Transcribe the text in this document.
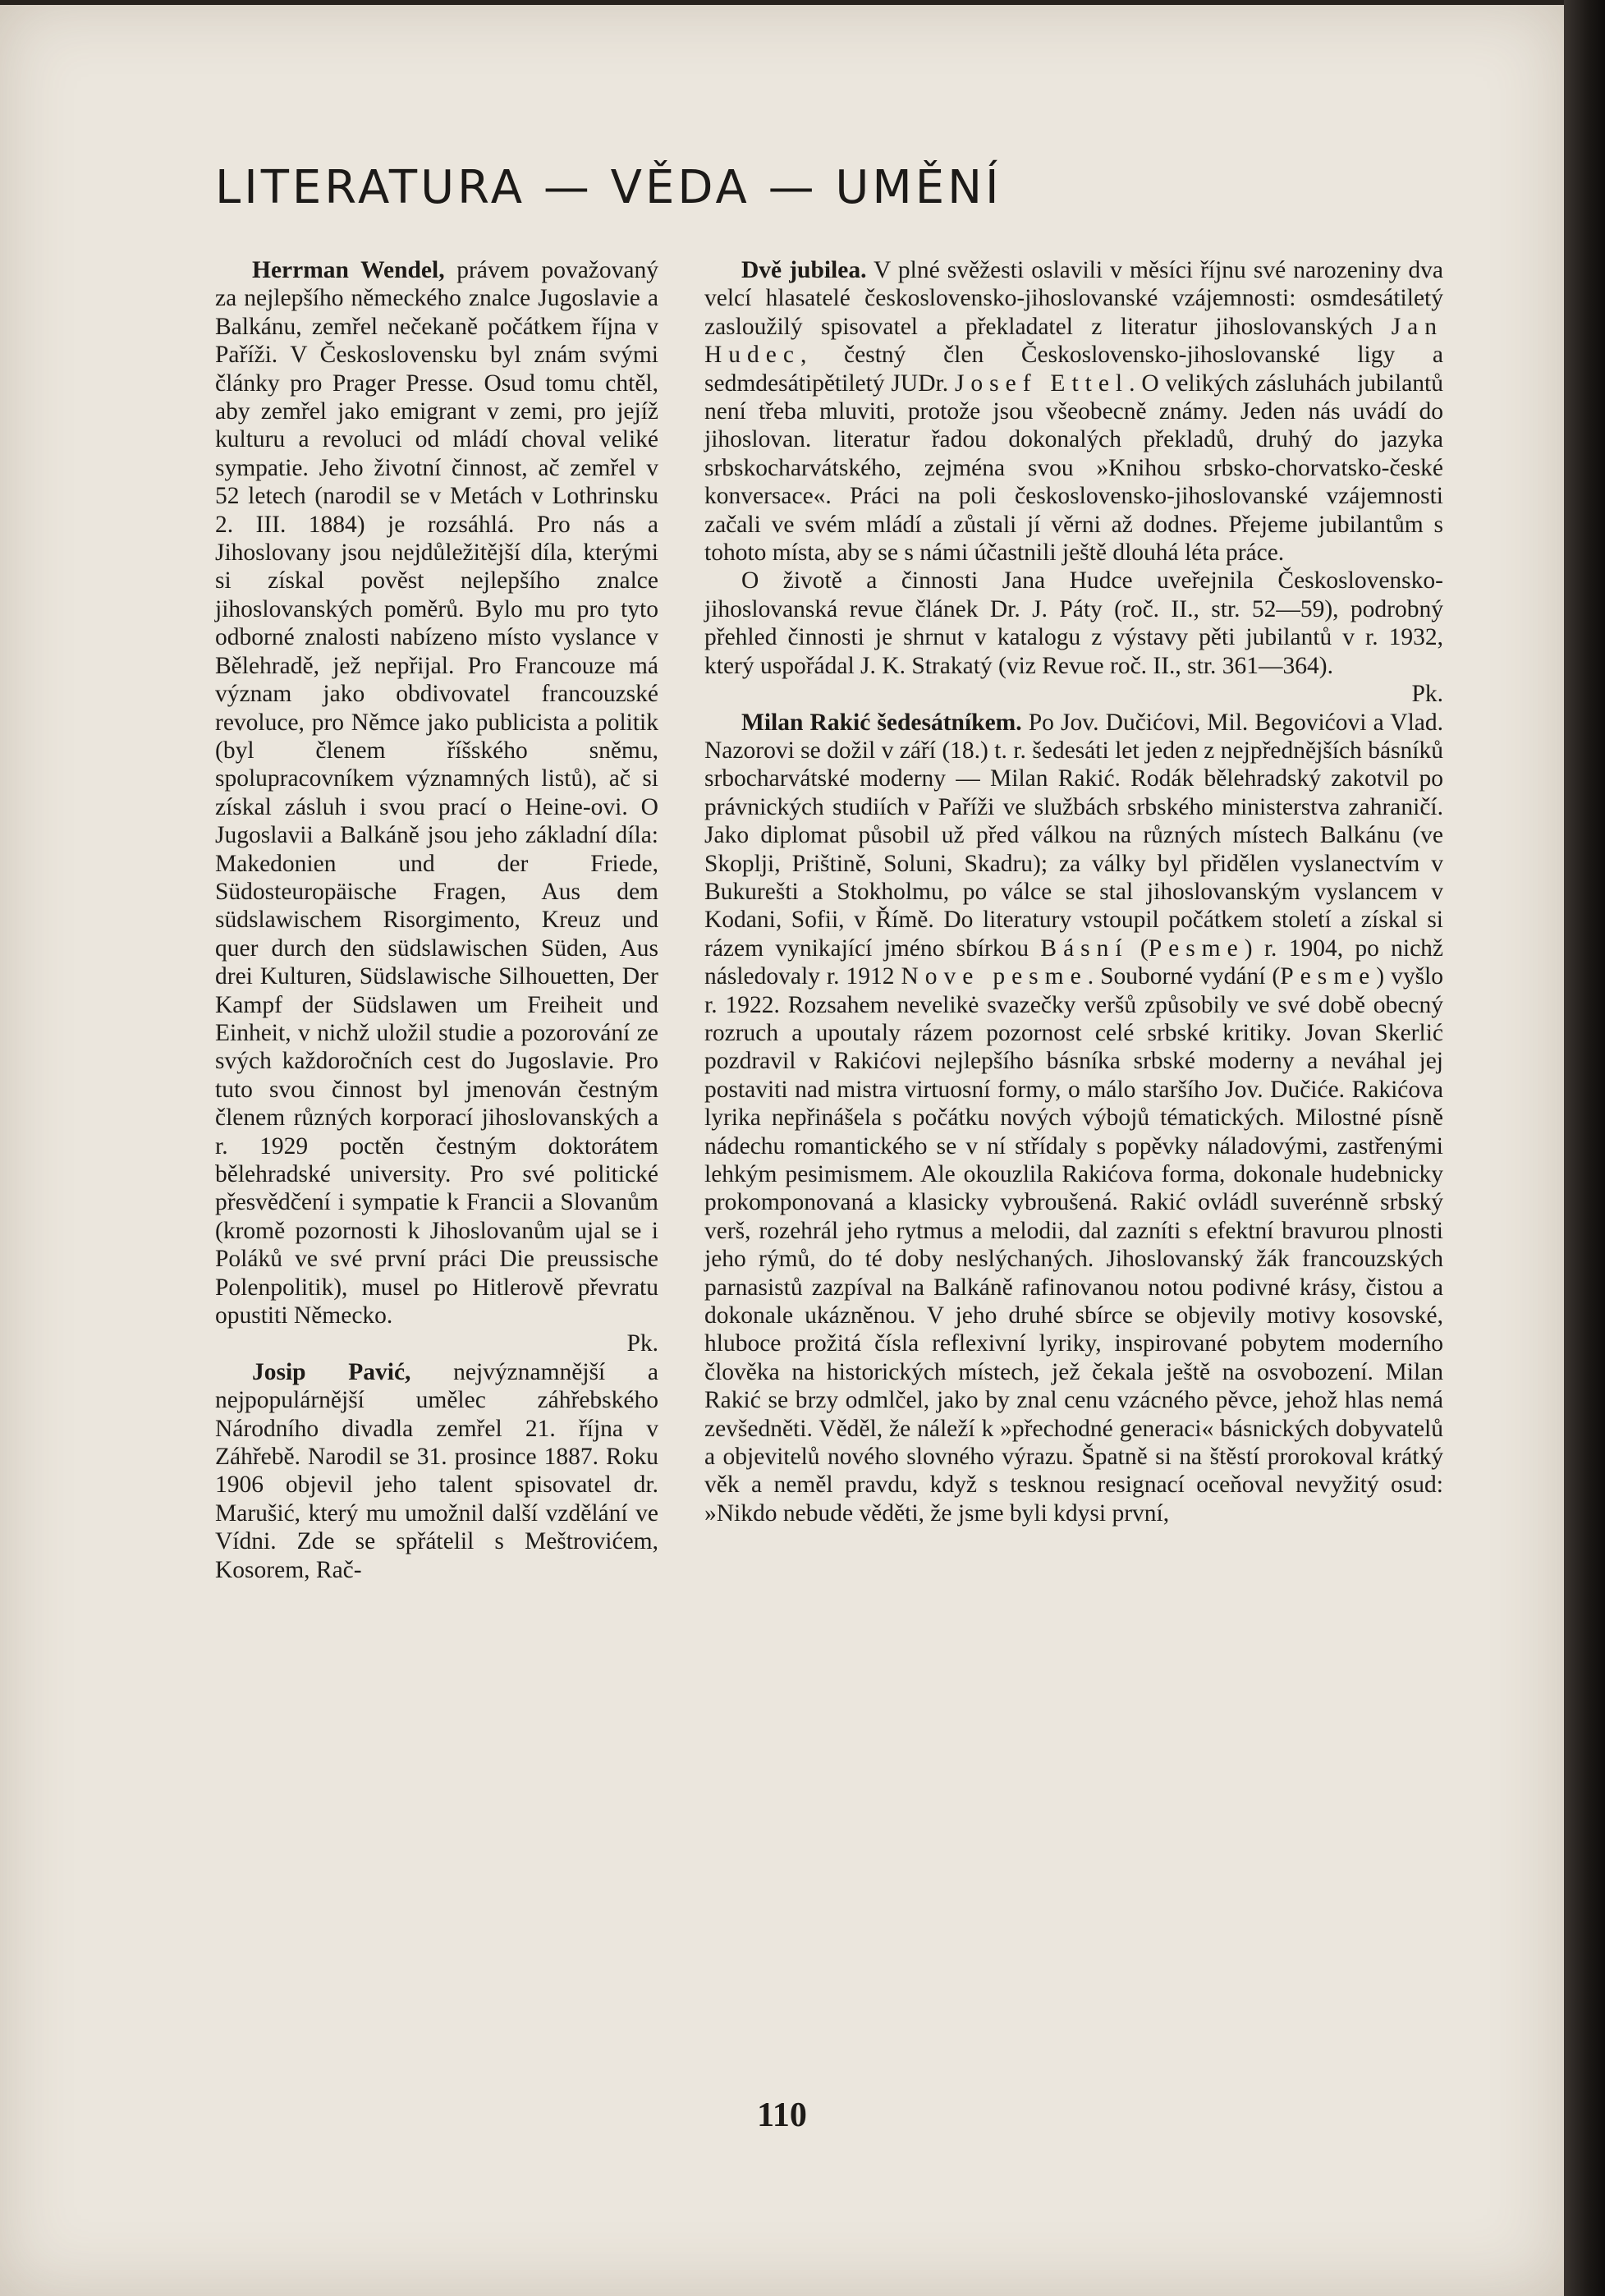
LITERATURA — VĚDA — UMĚNÍ

Herrman Wendel, právem považovaný za nejlepšího německého znalce Jugoslavie a Balkánu, zemřel nečekaně počátkem října v Paříži. V Československu byl znám svými články pro Prager Presse. Osud tomu chtěl, aby zemřel jako emigrant v zemi, pro jejíž kulturu a revoluci od mládí choval veliké sympatie. Jeho životní činnost, ač zemřel v 52 letech (narodil se v Metách v Lothrinsku 2. III. 1884) je rozsáhlá. Pro nás a Jihoslovany jsou nejdůležitější díla, kterými si získal pověst nejlepšího znalce jihoslovanských poměrů. Bylo mu pro tyto odborné znalosti nabízeno místo vyslance v Bělehradě, jež nepřijal. Pro Francouze má význam jako obdivovatel francouzské revoluce, pro Němce jako publicista a politik (byl členem říšského sněmu, spolupracovníkem významných listů), ač si získal zásluh i svou prací o Heine-ovi. O Jugoslavii a Balkáně jsou jeho základní díla: Makedonien und der Friede, Südosteuropäische Fragen, Aus dem südslawischem Risorgimento, Kreuz und quer durch den südslawischen Süden, Aus drei Kulturen, Südslawische Silhouetten, Der Kampf der Südslawen um Freiheit und Einheit, v nichž uložil studie a pozorování ze svých každoročních cest do Jugoslavie. Pro tuto svou činnost byl jmenován čestným členem různých korporací jihoslovanských a r. 1929 poctěn čestným doktorátem bělehradské university. Pro své politické přesvědčení i sympatie k Francii a Slovanům (kromě pozornosti k Jihoslovanům ujal se i Poláků ve své první práci Die preussische Polenpolitik), musel po Hitlerově převratu opustiti Německo.
Pk.

Josip Pavić, nejvýznamnější a nejpopulárnější umělec záhřebského Národního divadla zemřel 21. října v Záhřebě. Narodil se 31. prosince 1887. Roku 1906 objevil jeho talent spisovatel dr. Marušić, který mu umožnil další vzdělání ve Vídni. Zde se spřátelil s Meštrovićem, Kosorem, Rač-

Dvě jubilea. V plné svěžesti oslavili v měsíci říjnu své narozeniny dva velcí hlasatelé československo-jihoslovanské vzájemnosti: osmdesátiletý zasloužilý spisovatel a překladatel z literatur jihoslovanských Jan Hudec, čestný člen Československo-jihoslovanské ligy a sedmdesátipětiletý JUDr. Josef Ettel. O velikých zásluhách jubilantů není třeba mluviti, protože jsou všeobecně známy. Jeden nás uvádí do jihoslovan. literatur řadou dokonalých překladů, druhý do jazyka srbskocharvátského, zejména svou »Knihou srbsko-chorvatsko-české konversace«. Práci na poli československo-jihoslovanské vzájemnosti začali ve svém mládí a zůstali jí věrni až dodnes. Přejeme jubilantům s tohoto místa, aby se s námi účastnili ještě dlouhá léta práce.

O životě a činnosti Jana Hudce uveřejnila Československo-jihoslovanská revue článek Dr. J. Páty (roč. II., str. 52—59), podrobný přehled činnosti je shrnut v katalogu z výstavy pěti jubilantů v r. 1932, který uspořádal J. K. Strakatý (viz Revue roč. II., str. 361—364).
Pk.

Milan Rakić šedesátníkem. Po Jov. Dučićovi, Mil. Begovićovi a Vlad. Nazorovi se dožil v září (18.) t. r. šedesáti let jeden z nejpřednějších básníků srbocharvátské moderny — Milan Rakić. Rodák bělehradský zakotvil po právnických studiích v Paříži ve službách srbského ministerstva zahraničí. Jako diplomat působil už před válkou na různých místech Balkánu (ve Skoplji, Prištině, Soluni, Skadru); za války byl přidělen vyslanectvím v Bukurešti a Stokholmu, po válce se stal jihoslovanským vyslancem v Kodani, Sofii, v Římě. Do literatury vstoupil počátkem století a získal si rázem vynikající jméno sbírkou Básní (Pesme) r. 1904, po nichž následovaly r. 1912 Nove pesme. Souborné vydání (Pesme) vyšlo r. 1922. Rozsahem nevelikė svazečky veršů způsobily ve své době obecný rozruch a upoutaly rázem pozornost celé srbské kritiky. Jovan Skerlić pozdravil v Rakićovi nejlepšího básníka srbské moderny a neváhal jej postaviti nad mistra virtuosní formy, o málo staršího Jov. Dučiće. Rakićova lyrika nepřinášela s počátku nových výbojů tématických. Milostné písně nádechu romantického se v ní střídaly s popěvky náladovými, zastřenými lehkým pesimismem. Ale okouzlila Rakićova forma, dokonale hudebnicky prokomponovaná a klasicky vybroušená. Rakić ovládl suverénně srbský verš, rozehrál jeho rytmus a melodii, dal zazníti s efektní bravurou plnosti jeho rýmů, do té doby neslýchaných. Jihoslovanský žák francouzských parnasistů zazpíval na Balkáně rafinovanou notou podivné krásy, čistou a dokonale ukázněnou. V jeho druhé sbírce se objevily motivy kosovské, hluboce prožitá čísla reflexivní lyriky, inspirované pobytem moderního člověka na historických místech, jež čekala ještě na osvobození. Milan Rakić se brzy odmlčel, jako by znal cenu vzácného pěvce, jehož hlas nemá zevšedněti. Věděl, že náleží k »přechodné generaci« básnických dobyvatelů a objevitelů nového slovného výrazu. Špatně si na štěstí prorokoval krátký věk a neměl pravdu, když s tesknou resignací oceňoval nevyžitý osud: »Nikdo nebude věděti, že jsme byli kdysi první,

110
